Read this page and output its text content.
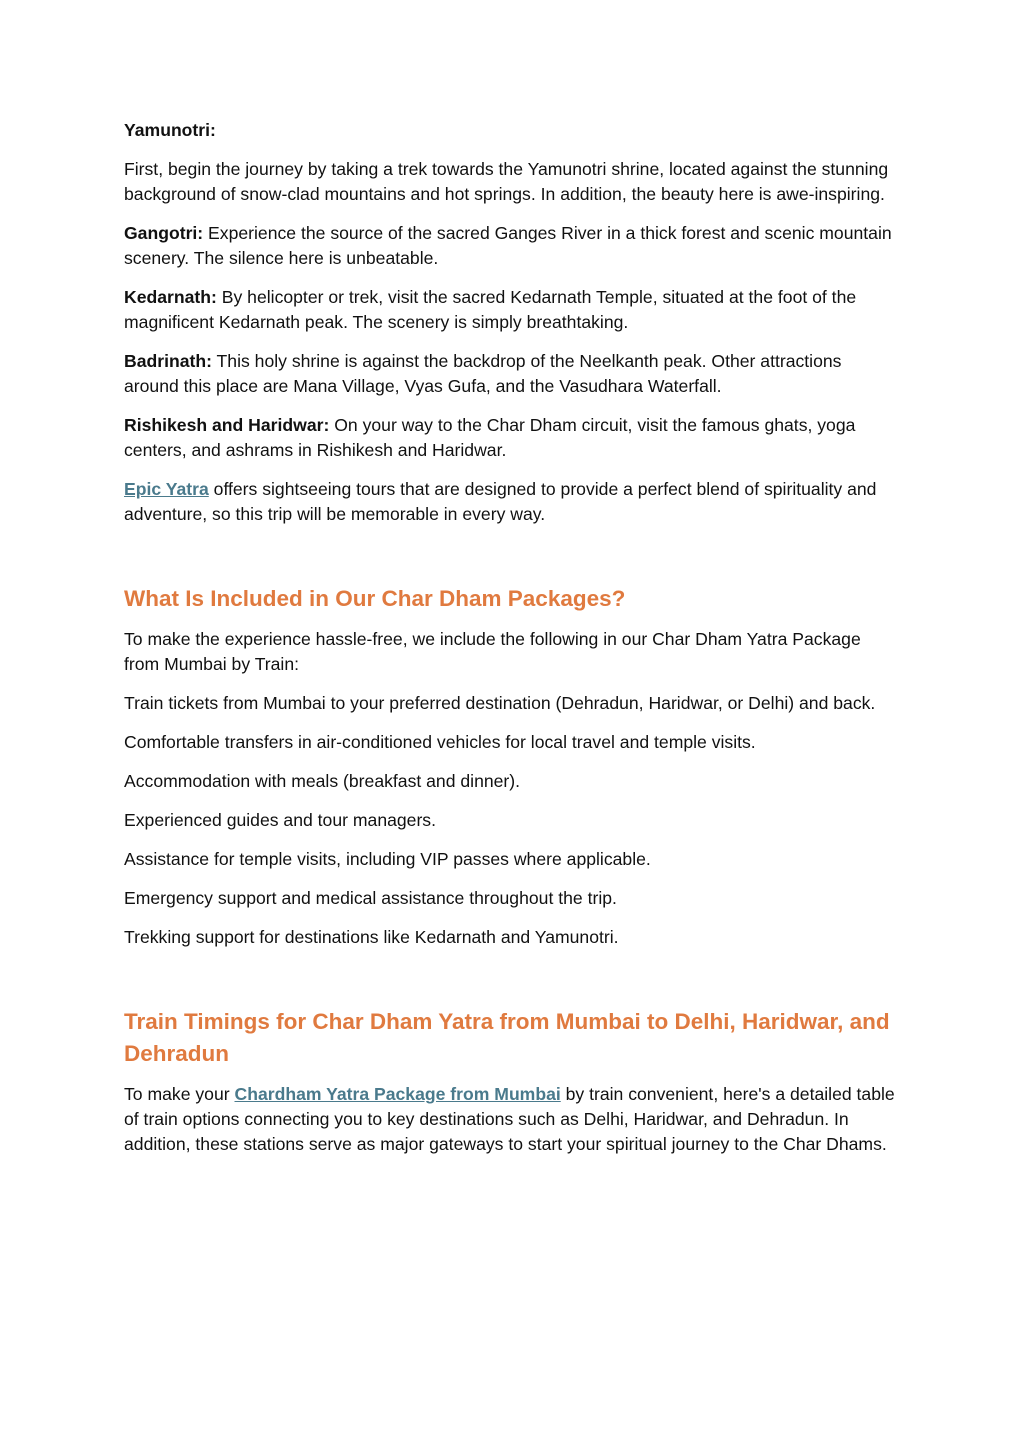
Yamunotri:

First, begin the journey by taking a trek towards the Yamunotri shrine, located against the stunning background of snow-clad mountains and hot springs. In addition, the beauty here is awe-inspiring.

Gangotri: Experience the source of the sacred Ganges River in a thick forest and scenic mountain scenery. The silence here is unbeatable.

Kedarnath: By helicopter or trek, visit the sacred Kedarnath Temple, situated at the foot of the magnificent Kedarnath peak. The scenery is simply breathtaking.

Badrinath: This holy shrine is against the backdrop of the Neelkanth peak. Other attractions around this place are Mana Village, Vyas Gufa, and the Vasudhara Waterfall.

Rishikesh and Haridwar: On your way to the Char Dham circuit, visit the famous ghats, yoga centers, and ashrams in Rishikesh and Haridwar.

Epic Yatra offers sightseeing tours that are designed to provide a perfect blend of spirituality and adventure, so this trip will be memorable in every way.

What Is Included in Our Char Dham Packages?

To make the experience hassle-free, we include the following in our Char Dham Yatra Package from Mumbai by Train:

Train tickets from Mumbai to your preferred destination (Dehradun, Haridwar, or Delhi) and back.

Comfortable transfers in air-conditioned vehicles for local travel and temple visits.

Accommodation with meals (breakfast and dinner).

Experienced guides and tour managers.

Assistance for temple visits, including VIP passes where applicable.

Emergency support and medical assistance throughout the trip.

Trekking support for destinations like Kedarnath and Yamunotri.

Train Timings for Char Dham Yatra from Mumbai to Delhi, Haridwar, and Dehradun

To make your Chardham Yatra Package from Mumbai by train convenient, here's a detailed table of train options connecting you to key destinations such as Delhi, Haridwar, and Dehradun. In addition, these stations serve as major gateways to start your spiritual journey to the Char Dhams.
